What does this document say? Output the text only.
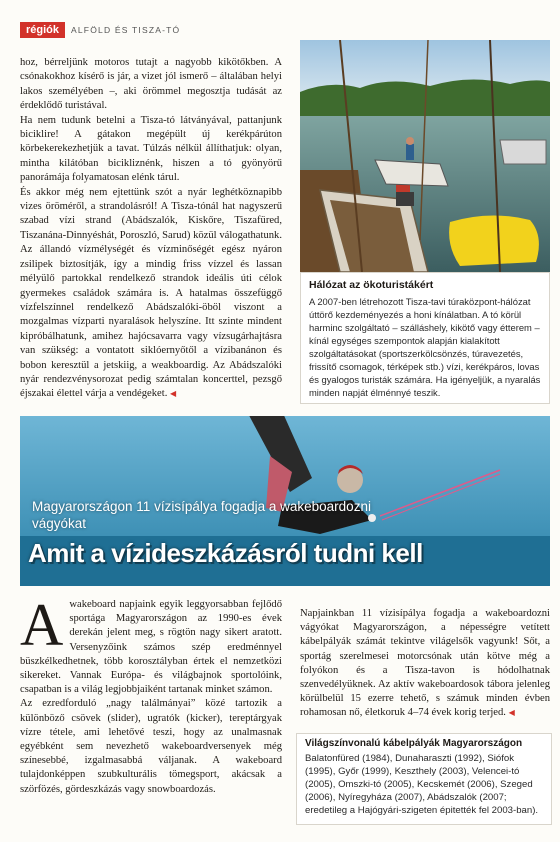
régiók	ALFÖLD ÉS TISZA-TÓ

hoz, bérreljünk motoros tutajt a nagyobb kikötőkben. A csónakokhoz kísérő is jár, a vizet jól ismerő – általában helyi lakos személyében –, aki örömmel megosztja tudását az érdeklődő turistával.

Ha nem tudunk betelni a Tisza-tó látványával, pattanjunk biciklire! A gátakon megépült új kerékpárúton körbekerekezhetjük a tavat. Túlzás nélkül állíthatjuk: olyan, mintha kilátóban bicikliznénk, hiszen a tó gyönyörű panorámája folyamatosan elénk tárul.

És akkor még nem ejtettünk szót a nyár leghétköznapibb vizes öröméről, a strandolásról! A Tisza-tónál hat nagyszerű szabad vízi strand (Abádszalók, Kiskőre, Tiszafüred, Tiszanána-Dinnyéshát, Poroszló, Sarud) közül válogathatunk. Az állandó vízmélységét és vízminőségét egész nyáron zsilipek biztosítják, így a mindig friss vízzel és lassan mélyülő partokkal rendelkező strandok ideális úti célok gyermekes családok számára is. A hatalmas összefüggő vízfelszínnel rendelkező Abádszalóki-öböl viszont a mozgalmas vízparti nyaralások helyszíne. Itt szinte mindent kipróbálhatunk, amihez hajócsavarra vagy vízsugárhajtásra van szükség: a vontatott siklóernyőtől a vízibanánon és bobon keresztül a jetskiig, a weakboardig. Az Abádszalóki nyár rendezvénysorozat pedig számtalan koncerttel, pezsgő éjszakai élettel várja a vendégeket. ◀

Hálózat az ökoturistákért

A 2007-ben létrehozott Tisza-tavi túraközpont-hálózat úttörő kezdeményezés a honi kínálatban. A tó körül harminc szolgáltató – szálláshely, kikötő vagy étterem – kínál egységes szempontok alapján kialakított szolgáltatásokat (sportszerkölcsönzés, túravezetés, frissítő csomagok, térképek stb.) vízi, kerékpáros, lovas és gyalogos turisták számára. Ha igényeljük, a nyaralás minden napját élménnyé teszik.

Magyarországon 11 vízisípálya fogadja a wakeboardozni vágyókat
Amit a vízideszkázásról tudni kell
A wakeboard napjaink egyik leggyorsabban fejlődő sportága Magyarországon az 1990-es évek derekán jelent meg, s rögtön nagy sikert aratott. Versenyzőink számos szép eredménnyel büszkélkedhetnek, több korosztályban értek el nemzetközi sikereket. Vannak Európa- és világbajnok sportolóink, csapatban is a világ legjobbjaiként tartanak minket számon.

Az ezredforduló „nagy találmányai” közé tartozik a különböző csövek (slider), ugratók (kicker), tereptárgyak vízre tétele, ami lehetővé teszi, hogy az unalmasnak egyébként sem nevezhető wakeboardversenyek még színesebbé, izgalmasabbá váljanak. A wakeboard tulajdonképpen szubkulturális tömegsport, akácsak a szörfözés, gördeszkázás vagy snowboardozás.

Napjainkban 11 vízisípálya fogadja a wakeboardozni vágyókat Magyarországon, a népességre vetített kábelpályák számát tekintve világelsők vagyunk! Sőt, a sportág szerelmesei motorcsónak után kötve még a folyókon és a Tisza-tavon is hódolhatnak szenvedélyüknek. Az aktív wakeboardosok tábora jelenleg körülbelül 15 ezerre tehető, s számuk minden évben rohamosan nő, életkoruk 4–74 évek korig terjed. ◀

Világszínvonalú kábelpályák Magyarországon

Balatonfüred (1984), Dunaharaszti (1992), Siófok (1995), Győr (1999), Keszthely (2003), Velencei-tó (2005), Omszki-tó (2005), Kecskemét (2006), Szeged (2006), Nyíregyháza (2007), Abádszalók (2007; eredetileg a Hajógyári-szigeten épitették fel 2003-ban).
